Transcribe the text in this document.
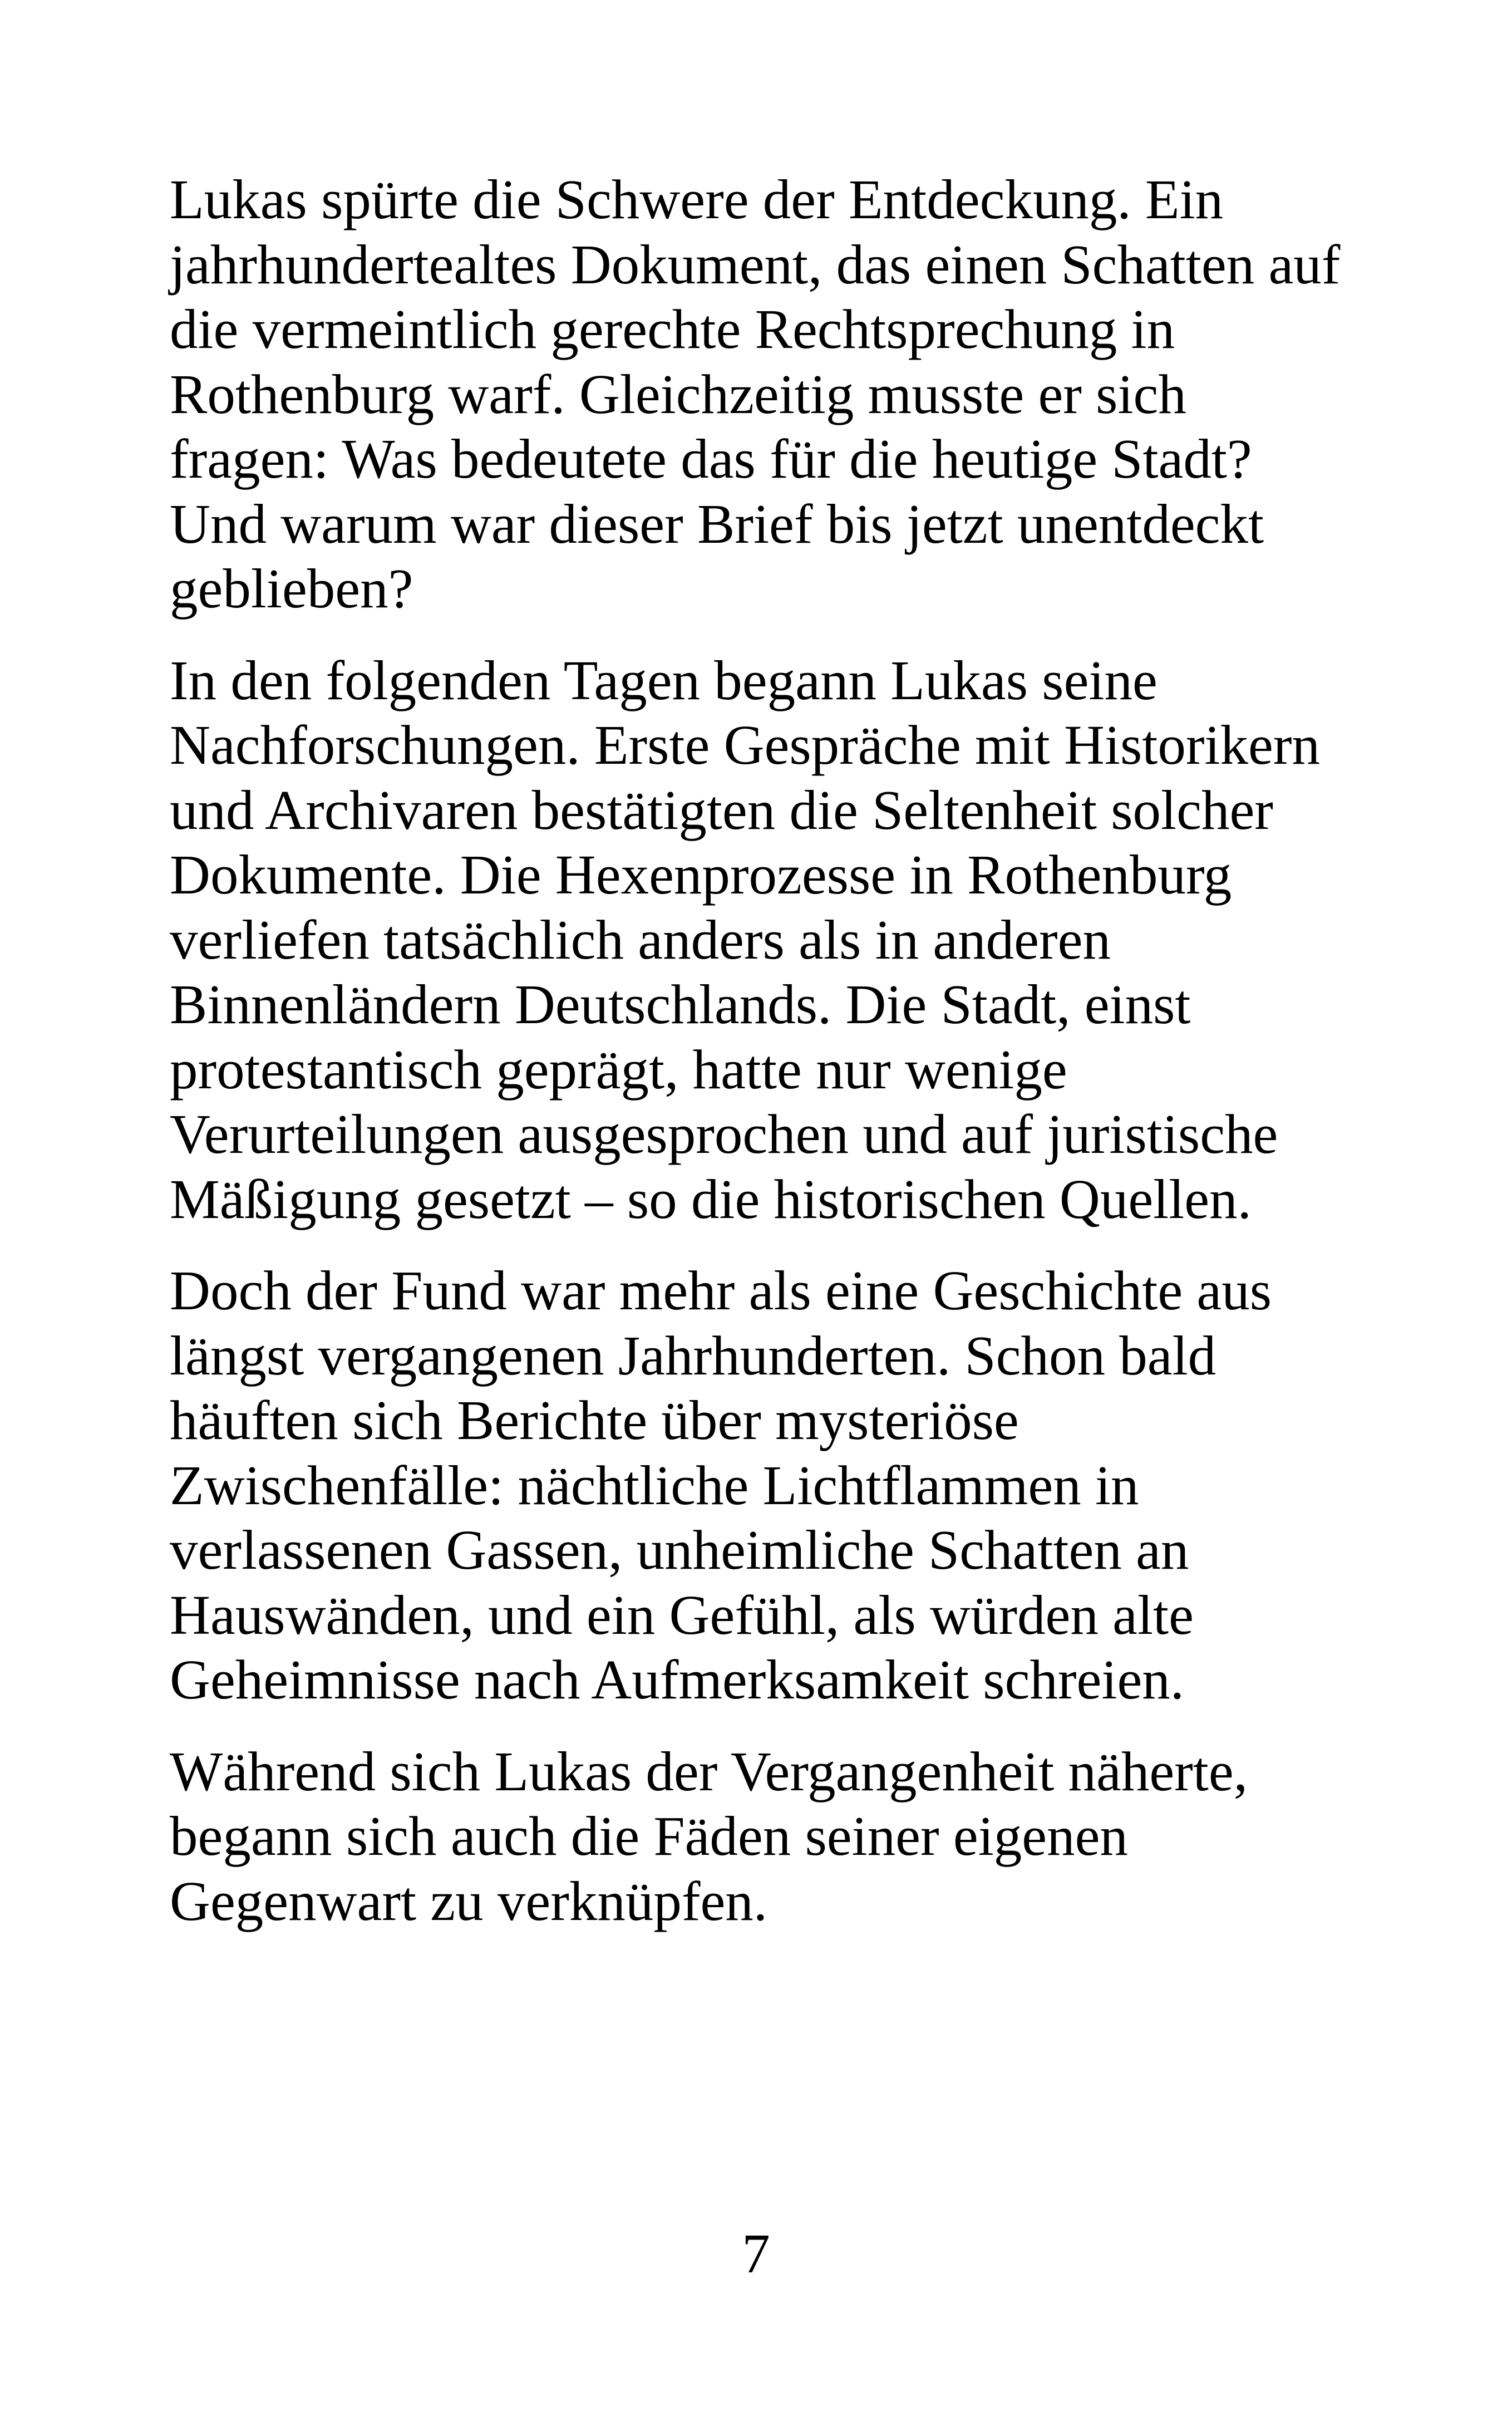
Lukas spürte die Schwere der Entdeckung. Ein
jahrhundertealtes Dokument, das einen Schatten auf
die vermeintlich gerechte Rechtsprechung in
Rothenburg warf. Gleichzeitig musste er sich
fragen: Was bedeutete das für die heutige Stadt?
Und warum war dieser Brief bis jetzt unentdeckt
geblieben?

In den folgenden Tagen begann Lukas seine
Nachforschungen. Erste Gespräche mit Historikern
und Archivaren bestätigten die Seltenheit solcher
Dokumente. Die Hexenprozesse in Rothenburg
verliefen tatsächlich anders als in anderen
Binnenländern Deutschlands. Die Stadt, einst
protestantisch geprägt, hatte nur wenige
Verurteilungen ausgesprochen und auf juristische
Mäßigung gesetzt – so die historischen Quellen.

Doch der Fund war mehr als eine Geschichte aus
längst vergangenen Jahrhunderten. Schon bald
häuften sich Berichte über mysteriöse
Zwischenfälle: nächtliche Lichtflammen in
verlassenen Gassen, unheimliche Schatten an
Hauswänden, und ein Gefühl, als würden alte
Geheimnisse nach Aufmerksamkeit schreien.

Während sich Lukas der Vergangenheit näherte,
begann sich auch die Fäden seiner eigenen
Gegenwart zu verknüpfen.

7
